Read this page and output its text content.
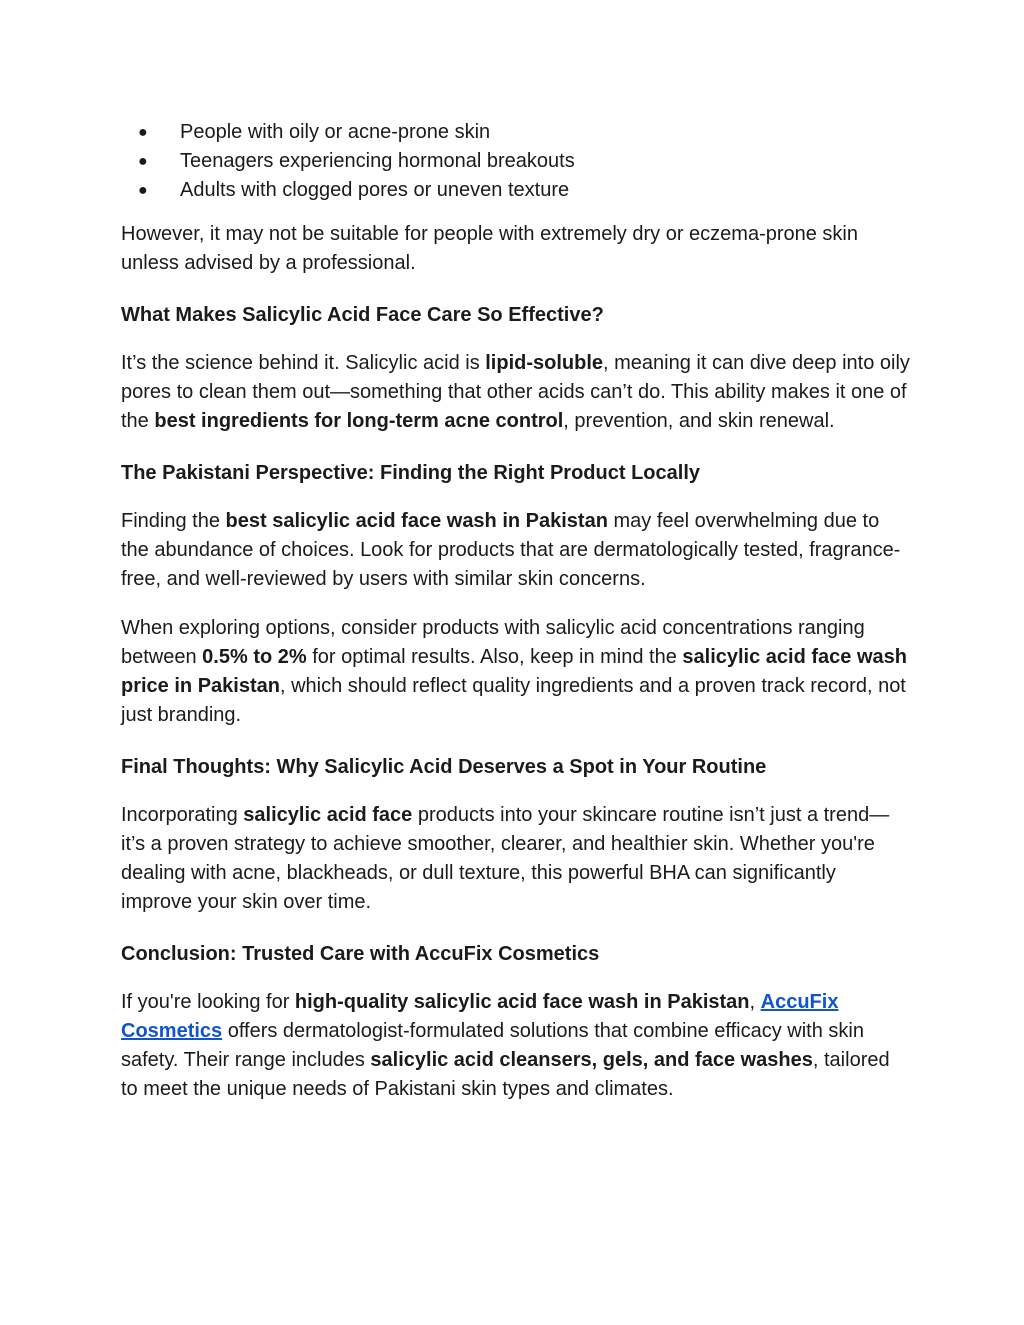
● People with oily or acne-prone skin
● Teenagers experiencing hormonal breakouts
● Adults with clogged pores or uneven texture

However, it may not be suitable for people with extremely dry or eczema-prone skin unless advised by a professional.

What Makes Salicylic Acid Face Care So Effective?

It’s the science behind it. Salicylic acid is lipid-soluble, meaning it can dive deep into oily pores to clean them out—something that other acids can’t do. This ability makes it one of the best ingredients for long-term acne control, prevention, and skin renewal.

The Pakistani Perspective: Finding the Right Product Locally

Finding the best salicylic acid face wash in Pakistan may feel overwhelming due to the abundance of choices. Look for products that are dermatologically tested, fragrance-free, and well-reviewed by users with similar skin concerns.

When exploring options, consider products with salicylic acid concentrations ranging between 0.5% to 2% for optimal results. Also, keep in mind the salicylic acid face wash price in Pakistan, which should reflect quality ingredients and a proven track record, not just branding.

Final Thoughts: Why Salicylic Acid Deserves a Spot in Your Routine

Incorporating salicylic acid face products into your skincare routine isn’t just a trend—it’s a proven strategy to achieve smoother, clearer, and healthier skin. Whether you're dealing with acne, blackheads, or dull texture, this powerful BHA can significantly improve your skin over time.

Conclusion: Trusted Care with AccuFix Cosmetics

If you're looking for high-quality salicylic acid face wash in Pakistan, AccuFix Cosmetics offers dermatologist-formulated solutions that combine efficacy with skin safety. Their range includes salicylic acid cleansers, gels, and face washes, tailored to meet the unique needs of Pakistani skin types and climates.
